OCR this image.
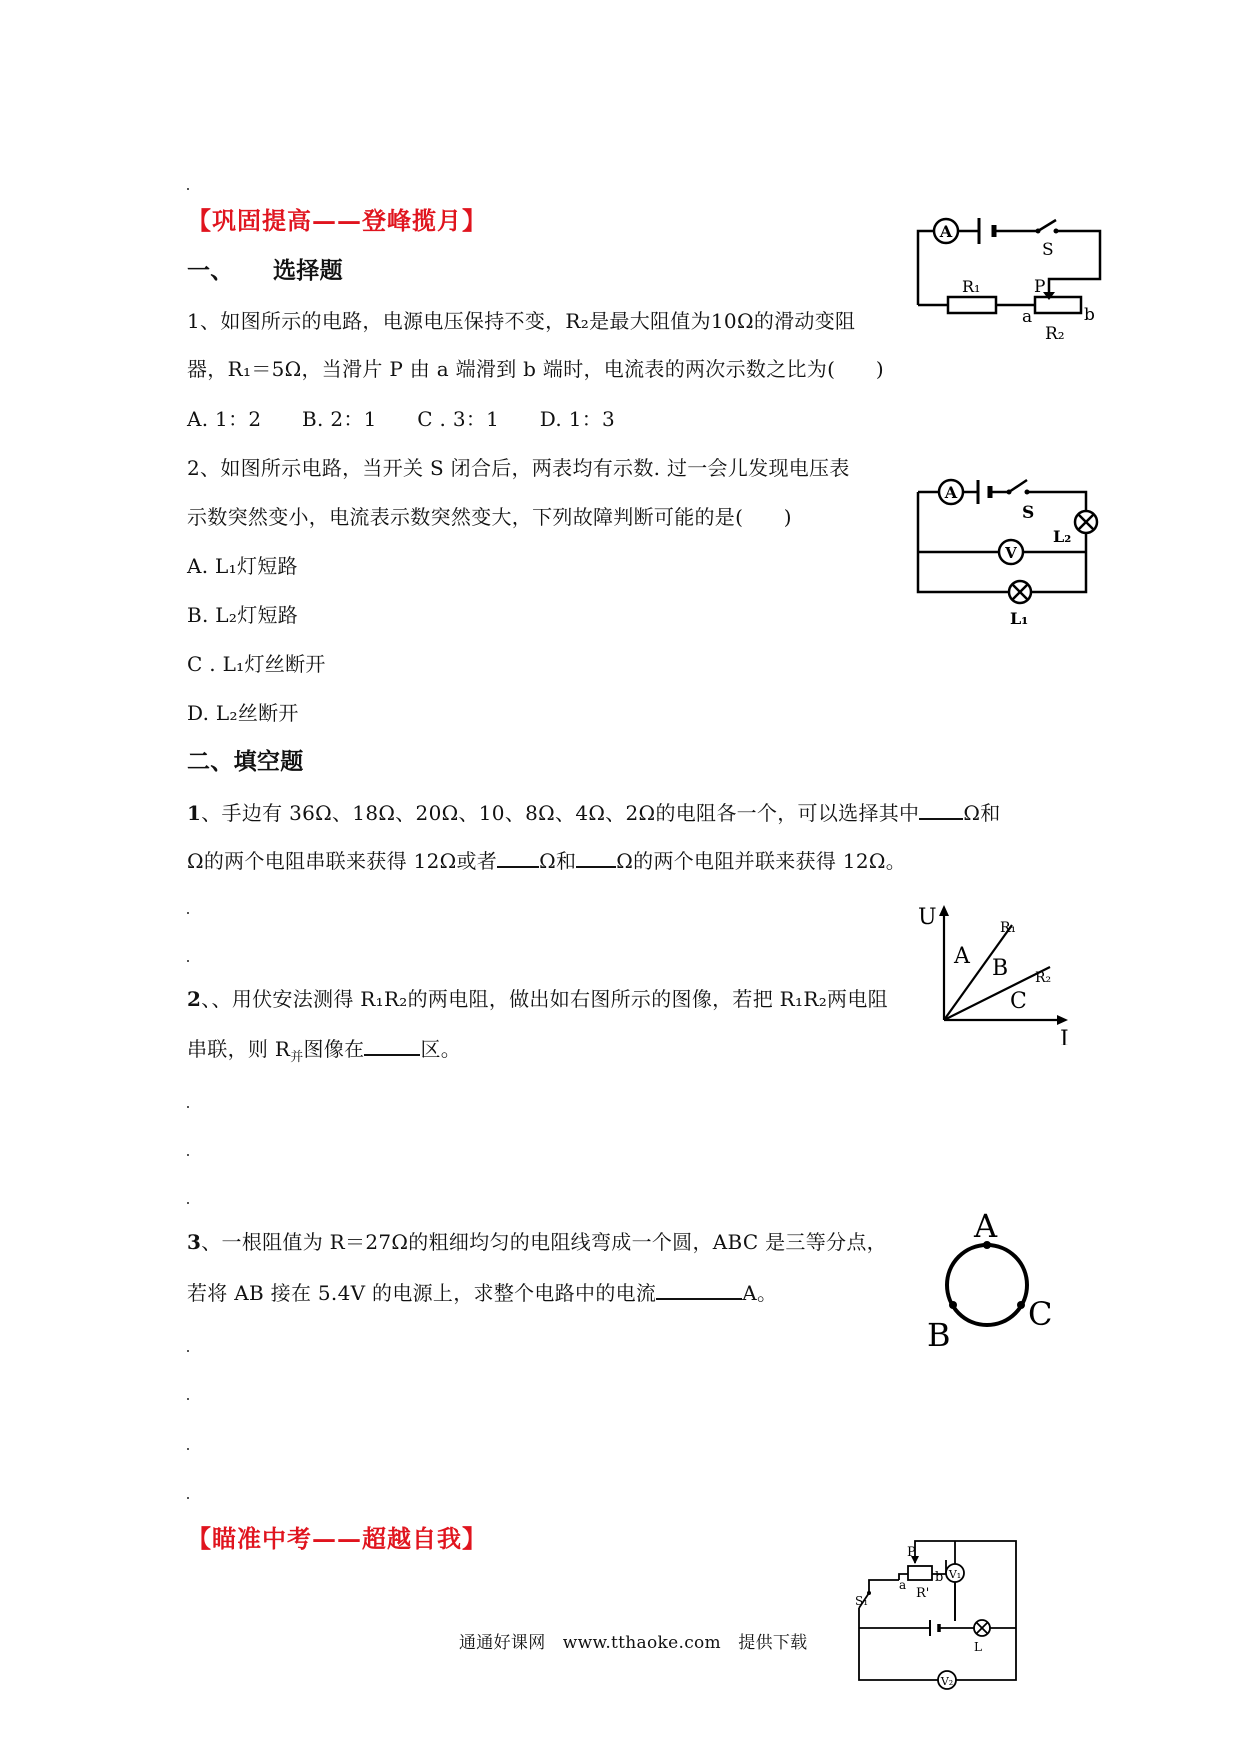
【巩固提高——登峰揽月】
一、 选择题
1、如图所示的电路，电源电压保持不变，R₂是最大阻值为10Ω的滑动变阻
器，R₁＝5Ω，当滑片 P 由 a 端滑到 b 端时，电流表的两次示数之比为(　　)
A. 1：2　　B. 2：1　　C . 3：1　　D. 1：3
2、如图所示电路，当开关 S 闭合后，两表均有示数. 过一会儿发现电压表
示数突然变小，电流表示数突然变大，下列故障判断可能的是(　　)
A. L₁灯短路
B. L₂灯短路
C . L₁灯丝断开
D. L₂丝断开
二、填空题
1、手边有 36Ω、18Ω、20Ω、10、8Ω、4Ω、2Ω的电阻各一个，可以选择其中 Ω和
Ω的两个电阻串联来获得 12Ω或者 Ω和 Ω的两个电阻并联来获得 12Ω。
2、、用伏安法测得 R₁R₂的两电阻，做出如右图所示的图像，若把 R₁R₂两电阻
串联，则 $R_并$图像在	区。
3、一根阻值为 R＝27Ω的粗细均匀的电阻线弯成一个圆，ABC 是三等分点，
若将 AB 接在 5.4V 的电源上，求整个电路中的电流	A。
【瞄准中考——超越自我】
通通好课网　www.tthaoke.com　提供下载
A
S
R₁	P
a	b
R₂
A
S
L₂
V
L₁
U
I
A B
C
R₁
R₂
A
B
C
P
a b
R'
V₁
S₁
L
V₂
